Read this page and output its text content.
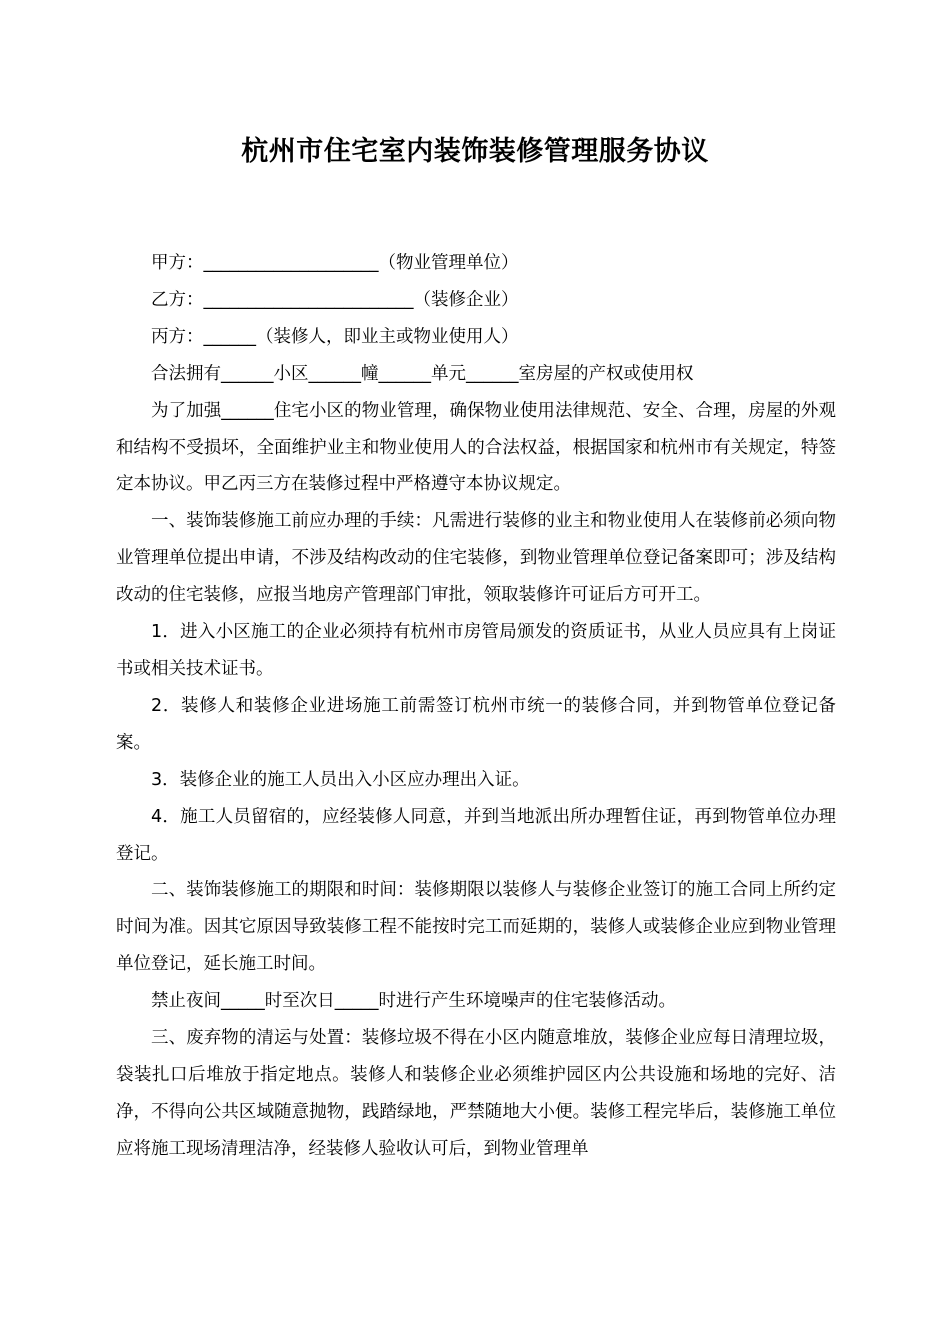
杭州市住宅室内装饰装修管理服务协议

甲方：____________________（物业管理单位）

乙方：________________________（装修企业）

丙方：______（装修人，即业主或物业使用人）

合法拥有______小区______幢______单元______室房屋的产权或使用权

为了加强______住宅小区的物业管理，确保物业使用法律规范、安全、合理，房屋的外观和结构不受损坏，全面维护业主和物业使用人的合法权益，根据国家和杭州市有关规定，特签定本协议。甲乙丙三方在装修过程中严格遵守本协议规定。

一、装饰装修施工前应办理的手续：凡需进行装修的业主和物业使用人在装修前必须向物业管理单位提出申请，不涉及结构改动的住宅装修，到物业管理单位登记备案即可；涉及结构改动的住宅装修，应报当地房产管理部门审批，领取装修许可证后方可开工。

1．进入小区施工的企业必须持有杭州市房管局颁发的资质证书，从业人员应具有上岗证书或相关技术证书。

2．装修人和装修企业进场施工前需签订杭州市统一的装修合同，并到物管单位登记备案。

3．装修企业的施工人员出入小区应办理出入证。

4．施工人员留宿的，应经装修人同意，并到当地派出所办理暂住证，再到物管单位办理登记。

二、装饰装修施工的期限和时间：装修期限以装修人与装修企业签订的施工合同上所约定时间为准。因其它原因导致装修工程不能按时完工而延期的，装修人或装修企业应到物业管理单位登记，延长施工时间。

禁止夜间_____时至次日_____时进行产生环境噪声的住宅装修活动。

三、废弃物的清运与处置：装修垃圾不得在小区内随意堆放，装修企业应每日清理垃圾，袋装扎口后堆放于指定地点。装修人和装修企业必须维护园区内公共设施和场地的完好、洁净，不得向公共区域随意抛物，践踏绿地，严禁随地大小便。装修工程完毕后，装修施工单位应将施工现场清理洁净，经装修人验收认可后，到物业管理单
